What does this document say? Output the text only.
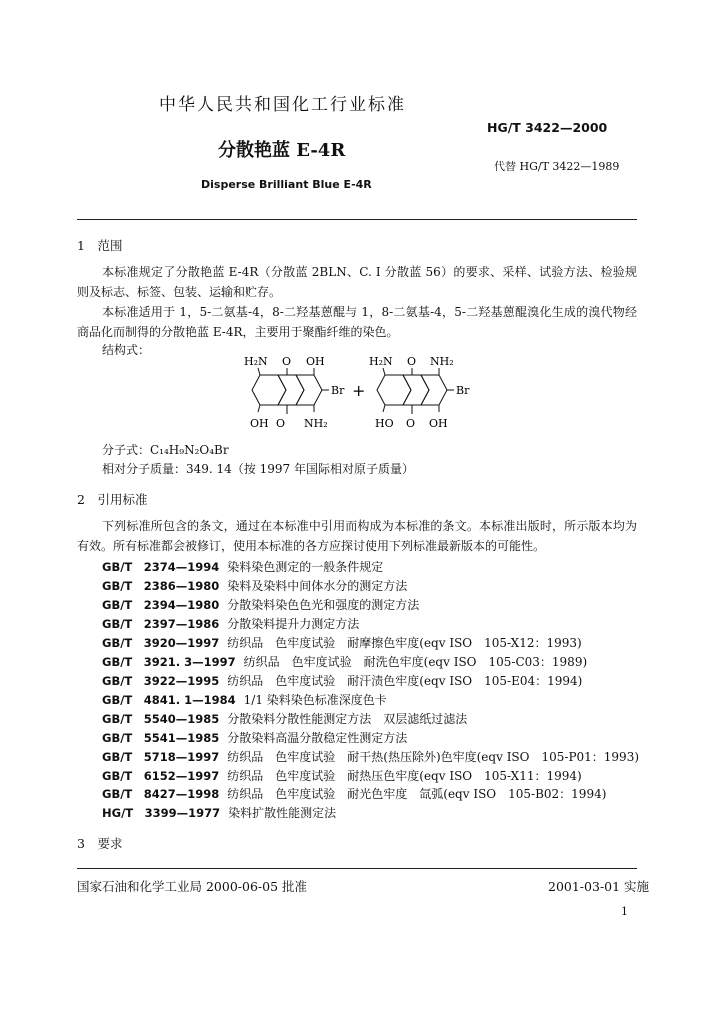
中华人民共和国化工行业标准
HG/T 3422—2000
分散艳蓝 E-4R
代替 HG/T 3422—1989
Disperse Brilliant Blue E-4R
1　范围
本标准规定了分散艳蓝 E-4R（分散蓝 2BLN、C. I 分散蓝 56）的要求、采样、试验方法、检验规则及标志、标签、包装、运输和贮存。
本标准适用于 1，5-二氨基-4，8-二羟基蒽醌与 1，8-二氨基-4，5-二羟基蒽醌溴化生成的溴代物经商品化而制得的分散艳蓝 E-4R，主要用于聚酯纤维的染色。
结构式：
H₂N O OH
Br
OH O NH₂
+
H₂N O NH₂
Br
HO O OH
分子式：C₁₄H₉N₂O₄Br
相对分子质量：349. 14（按 1997 年国际相对原子质量）
2　引用标准
下列标准所包含的条文，通过在本标准中引用而构成为本标准的条文。本标准出版时，所示版本均为有效。所有标准都会被修订，使用本标准的各方应探讨使用下列标准最新版本的可能性。
GB/T　2374—1994 染料染色测定的一般条件规定
GB/T　2386—1980 染料及染料中间体水分的测定方法
GB/T　2394—1980 分散染料染色色光和强度的测定方法
GB/T　2397—1986 分散染料提升力测定方法
GB/T　3920—1997 纺织品　色牢度试验　耐摩擦色牢度(eqv ISO　105-X12：1993)
GB/T　3921. 3—1997 纺织品　色牢度试验　耐洗色牢度(eqv ISO　105-C03：1989)
GB/T　3922—1995 纺织品　色牢度试验　耐汗渍色牢度(eqv ISO　105-E04：1994)
GB/T　4841. 1—1984 1/1 染料染色标准深度色卡
GB/T　5540—1985 分散染料分散性能测定方法　双层滤纸过滤法
GB/T　5541—1985 分散染料高温分散稳定性测定方法
GB/T　5718—1997 纺织品　色牢度试验　耐干热(热压除外)色牢度(eqv ISO　105-P01：1993)
GB/T　6152—1997 纺织品　色牢度试验　耐热压色牢度(eqv ISO　105-X11：1994)
GB/T　8427—1998 纺织品　色牢度试验　耐光色牢度　氙弧(eqv ISO　105-B02：1994)
HG/T　3399—1977 染料扩散性能测定法
3　要求
国家石油和化学工业局 2000-06-05 批准	2001-03-01 实施
1
